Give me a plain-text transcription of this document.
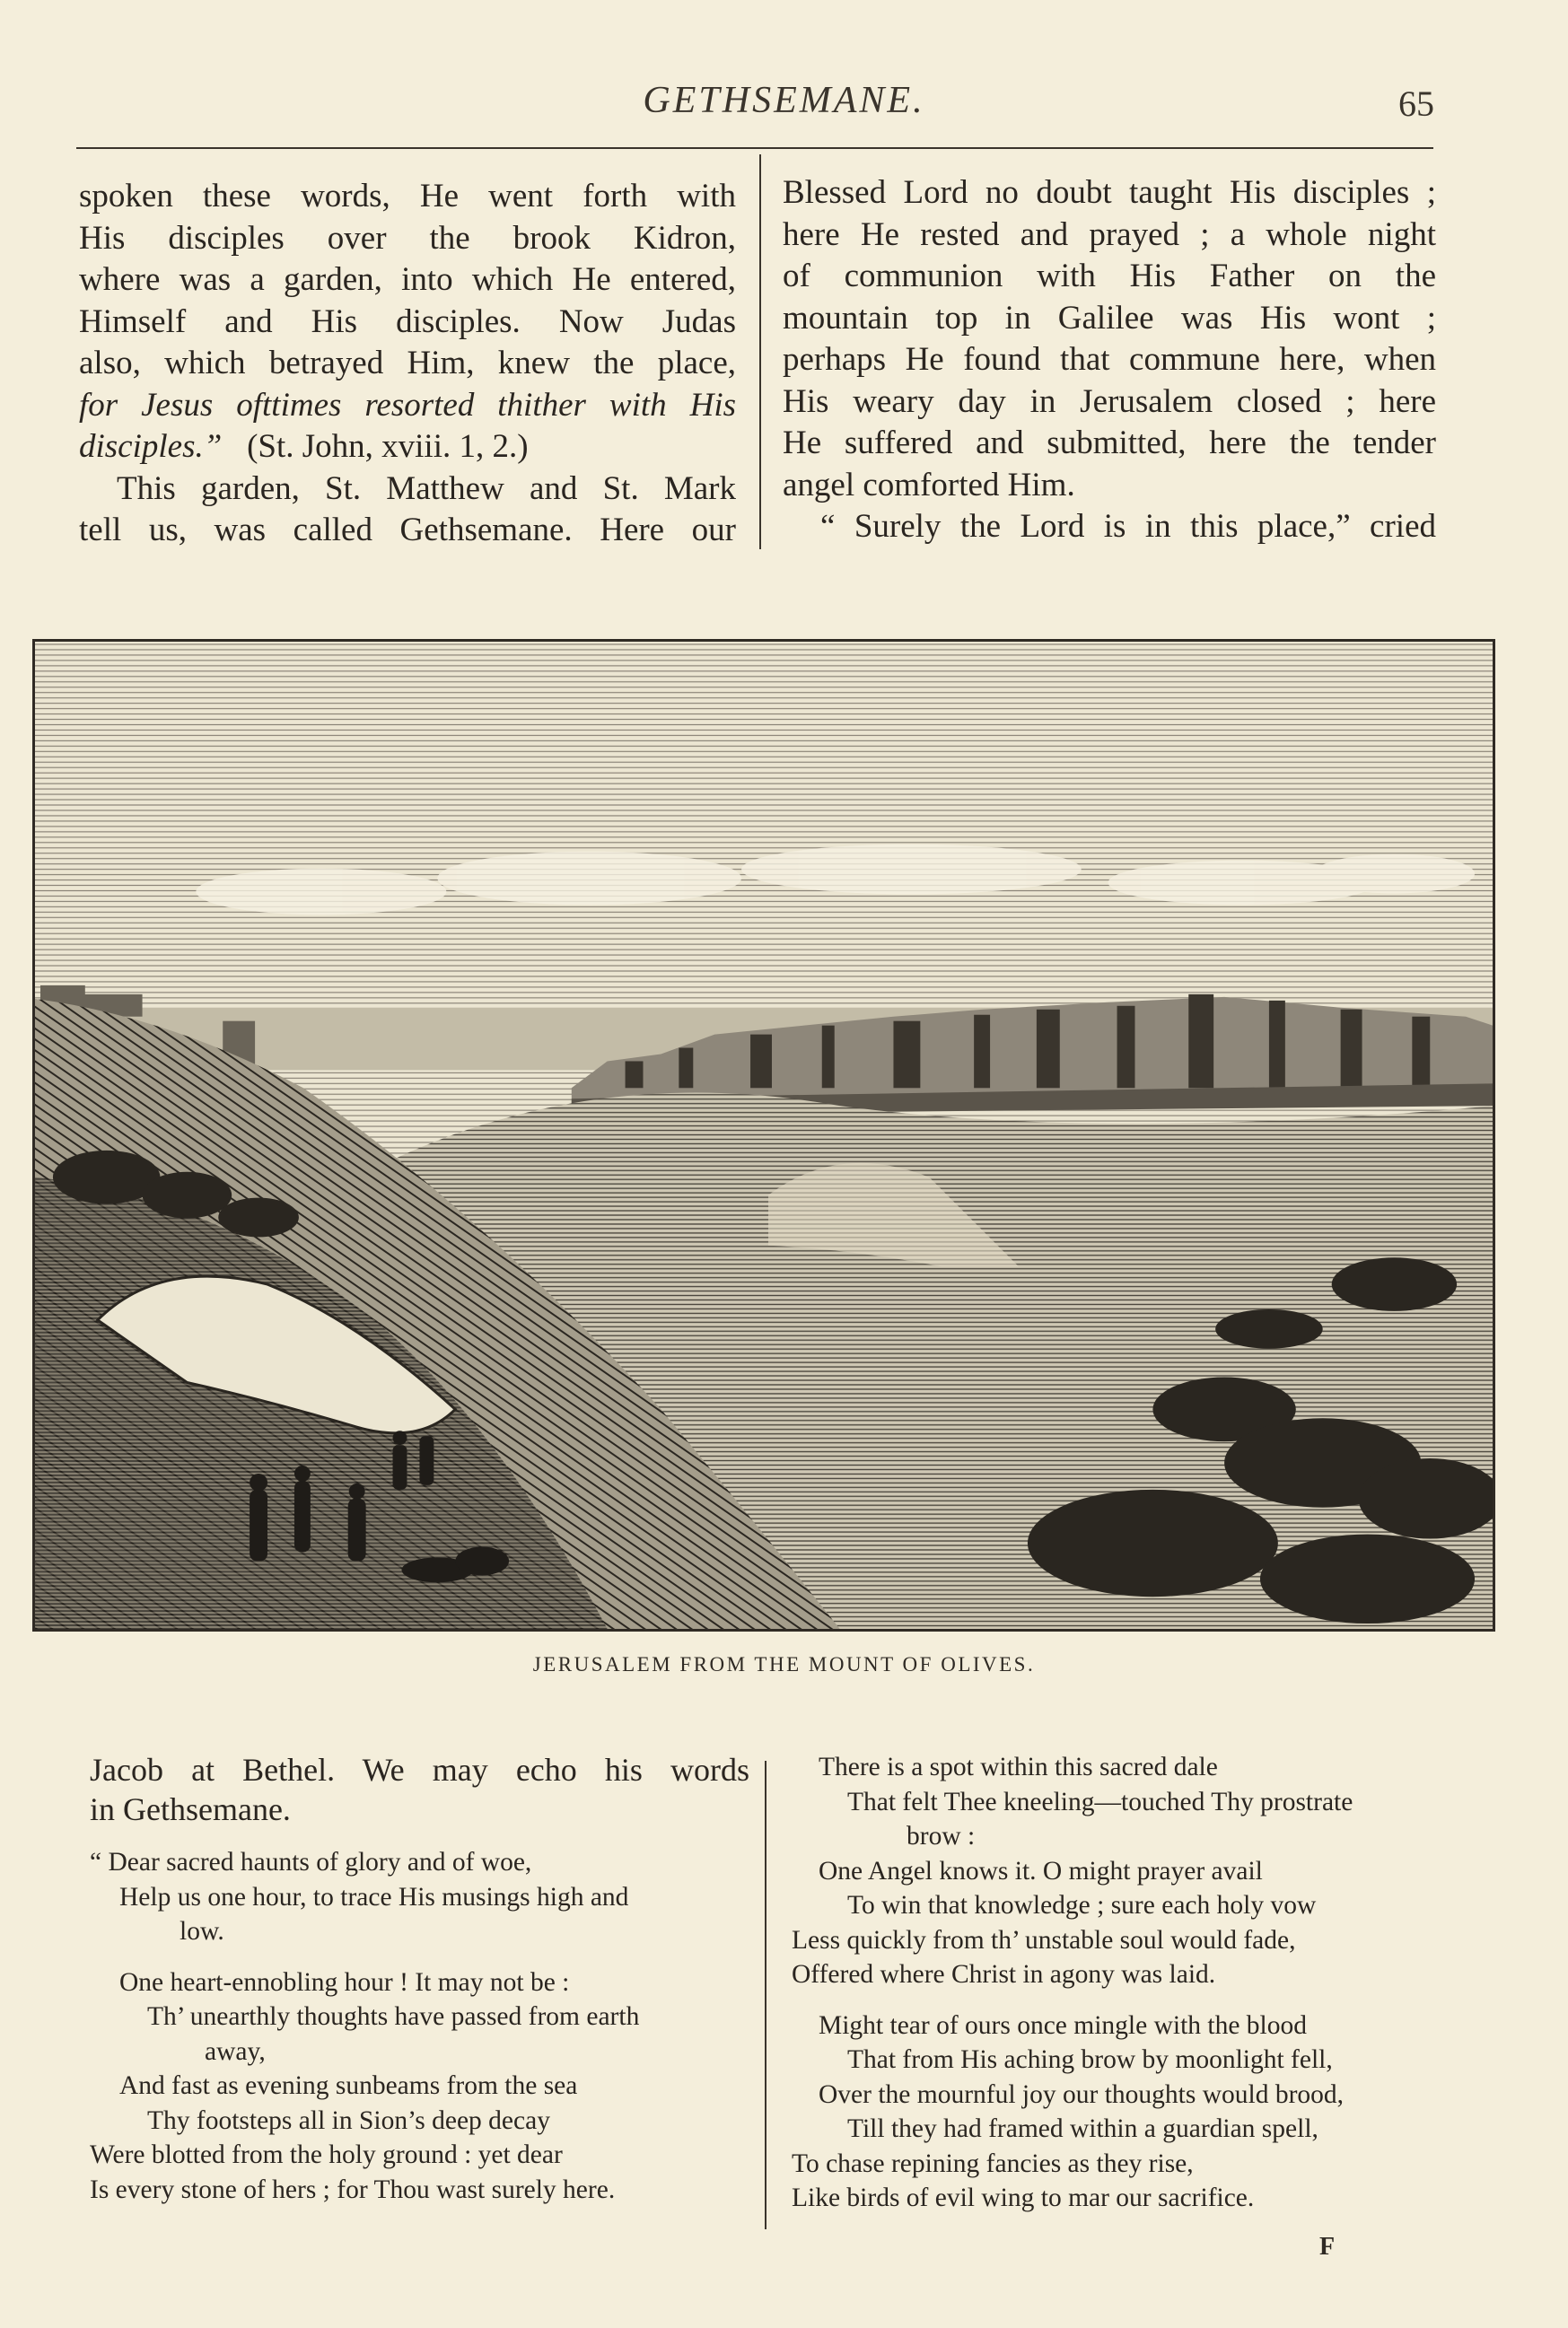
GETHSEMANE.	65
spoken these words, He went forth with
His disciples over the brook Kidron,
where was a garden, into which He entered,
Himself and His disciples. Now Judas
also, which betrayed Him, knew the place,
for Jesus ofttimes resorted thither with His
disciples.” (St. John, xviii. 1, 2.)
This garden, St. Matthew and St. Mark
tell us, was called Gethsemane. Here our
Blessed Lord no doubt taught His disciples ;
here He rested and prayed ; a whole night
of communion with His Father on the
mountain top in Galilee was His wont ;
perhaps He found that commune here, when
His weary day in Jerusalem closed ; here
He suffered and submitted, here the tender
angel comforted Him.
“ Surely the Lord is in this place,” cried
JERUSALEM FROM THE MOUNT OF OLIVES.

Jacob at Bethel. We may echo his words
in Gethsemane.

“ Dear sacred haunts of glory and of woe,
Help us one hour, to trace His musings high and
low.
One heart-ennobling hour ! It may not be :
Th’ unearthly thoughts have passed from earth
away,
And fast as evening sunbeams from the sea
Thy footsteps all in Sion’s deep decay
Were blotted from the holy ground : yet dear
Is every stone of hers ; for Thou wast surely here.
There is a spot within this sacred dale
That felt Thee kneeling—touched Thy prostrate
brow :
One Angel knows it. O might prayer avail
To win that knowledge ; sure each holy vow
Less quickly from th’ unstable soul would fade,
Offered where Christ in agony was laid.
Might tear of ours once mingle with the blood
That from His aching brow by moonlight fell,
Over the mournful joy our thoughts would brood,
Till they had framed within a guardian spell,
To chase repining fancies as they rise,
Like birds of evil wing to mar our sacrifice.
F
